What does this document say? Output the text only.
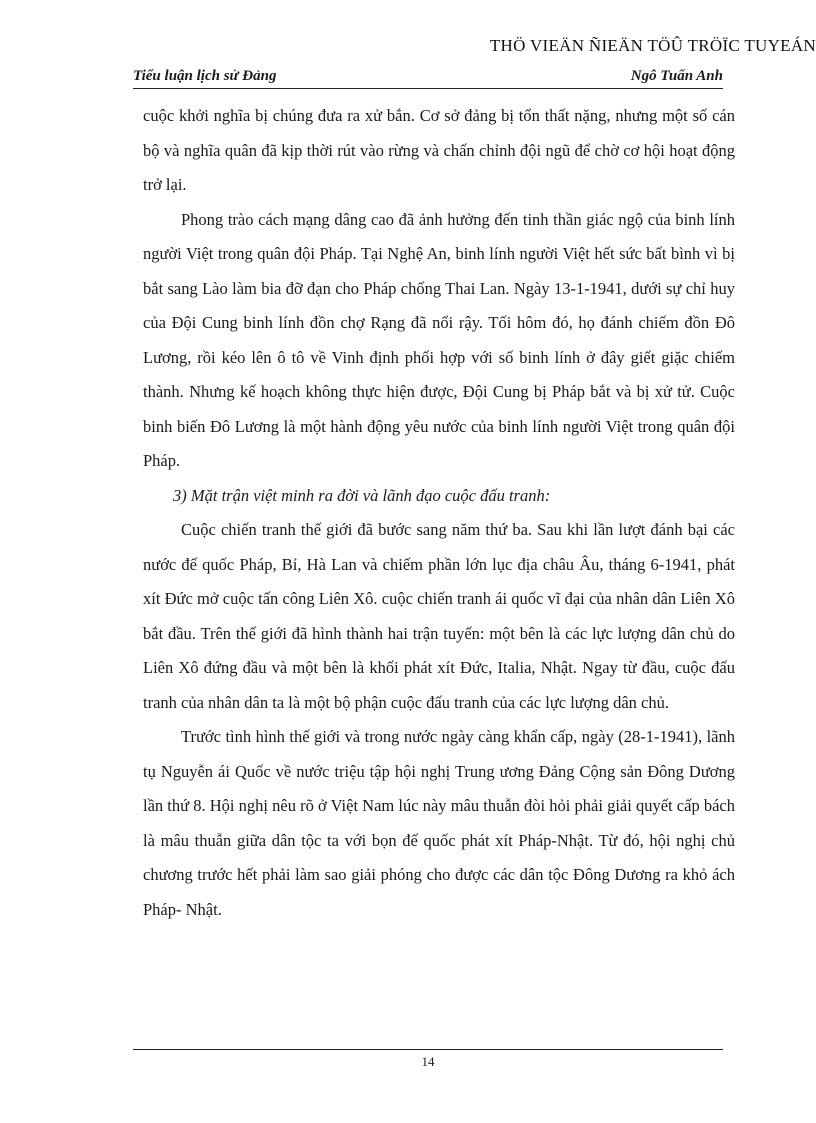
THÖ VIEÄN ÑIEÄN TÖÛ TRÖÏC TUYEÁN
Tiểu luận lịch sử Đảng	Ngô Tuấn Anh

cuộc khởi nghĩa bị chúng đưa ra xử bắn. Cơ sở đảng bị tổn thất nặng, nhưng một số cán bộ và nghĩa quân đã kịp thời rút vào rừng và chấn chỉnh đội ngũ để chờ cơ hội hoạt động trở lại.

Phong trào cách mạng dâng cao đã ảnh hưởng đến tinh thần giác ngộ của binh lính người Việt trong quân đội Pháp. Tại Nghệ An, binh lính người Việt hết sức bất bình vì bị bắt sang Lào làm bia đỡ đạn cho Pháp chống Thai Lan. Ngày 13-1-1941, dưới sự chỉ huy của Đội Cung binh lính đồn chợ Rạng đã nổi rậy. Tối hôm đó, họ đánh chiếm đồn Đô Lương, rồi kéo lên ô tô về Vinh định phối hợp với số binh lính ở đây giết giặc chiếm thành. Nhưng kế hoạch không thực hiện được, Đội Cung bị Pháp bắt và bị xử tử. Cuộc binh biến Đô Lương là một hành động yêu nước của binh lính người Việt trong quân đội Pháp.

3) Mặt trận việt minh ra đời và lãnh đạo cuộc đấu tranh:

Cuộc chiến tranh thế giới đã bước sang năm thứ ba. Sau khi lần lượt đánh bại các nước đế quốc Pháp, Bỉ, Hà Lan và chiếm phần lớn lục địa châu Âu, tháng 6-1941, phát xít Đức mở cuộc tấn công Liên Xô. cuộc chiến tranh ái quốc vĩ đại của nhân dân Liên Xô bắt đầu. Trên thế giới đã hình thành hai trận tuyến: một bên là các lực lượng dân chủ do Liên Xô đứng đầu và một bên là khối phát xít Đức, Italia, Nhật. Ngay từ đầu, cuộc đấu tranh của nhân dân ta là một bộ phận cuộc đấu tranh của các lực lượng dân chủ.

Trước tình hình thế giới và trong nước ngày càng khẩn cấp, ngày (28-1-1941), lãnh tụ Nguyễn ái Quốc về nước triệu tập hội nghị Trung ương Đảng Cộng sản Đông Dương lần thứ 8. Hội nghị nêu rõ ở Việt Nam lúc này mâu thuẫn đòi hỏi phải giải quyết cấp bách là mâu thuẫn giữa dân tộc ta với bọn đế quốc phát xít Pháp-Nhật. Từ đó, hội nghị chủ chương trước hết phải làm sao giải phóng cho được các dân tộc Đông Dương ra khỏ ách Pháp- Nhật.

14
